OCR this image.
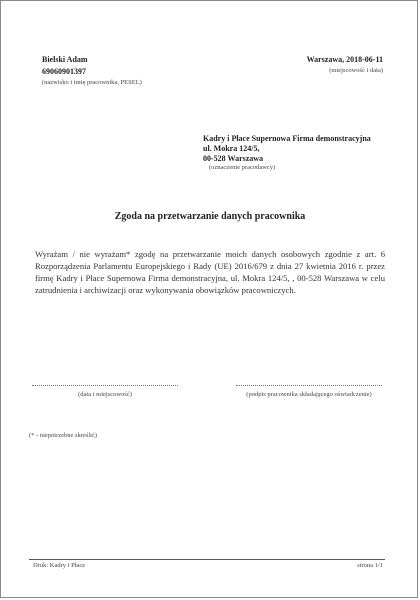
Bielski Adam
69060901397
(nazwisko i imię pracownika, PESEL)
Warszawa, 2018-06-11
(miejscowość i data)
Kadry i Płace Supernowa Firma demonstracyjna
ul. Mokra 124/5,
00-528 Warszawa
(oznaczenie pracodawcy)
Zgoda na przetwarzanie danych pracownika
Wyrażam / nie wyrażam* zgodę na przetwarzanie moich danych osobowych zgodnie z art. 6 Rozporządzenia Parlamentu Europejskiego i Rady (UE) 2016/679 z dnia 27 kwietnia 2016 r. przez firmę Kadry i Płace Supernowa Firma demonstracyjna, ul. Mokra 124/5, , 00-528 Warszawa w celu zatrudnienia i archiwizacji oraz wykonywania obowiązków pracowniczych.
(data i miejscowość)	(podpis pracownika składającego oświadczenie)
(* - niepotrzebne skreślić)
Druk: Kadry i Płace	strona 1/1
